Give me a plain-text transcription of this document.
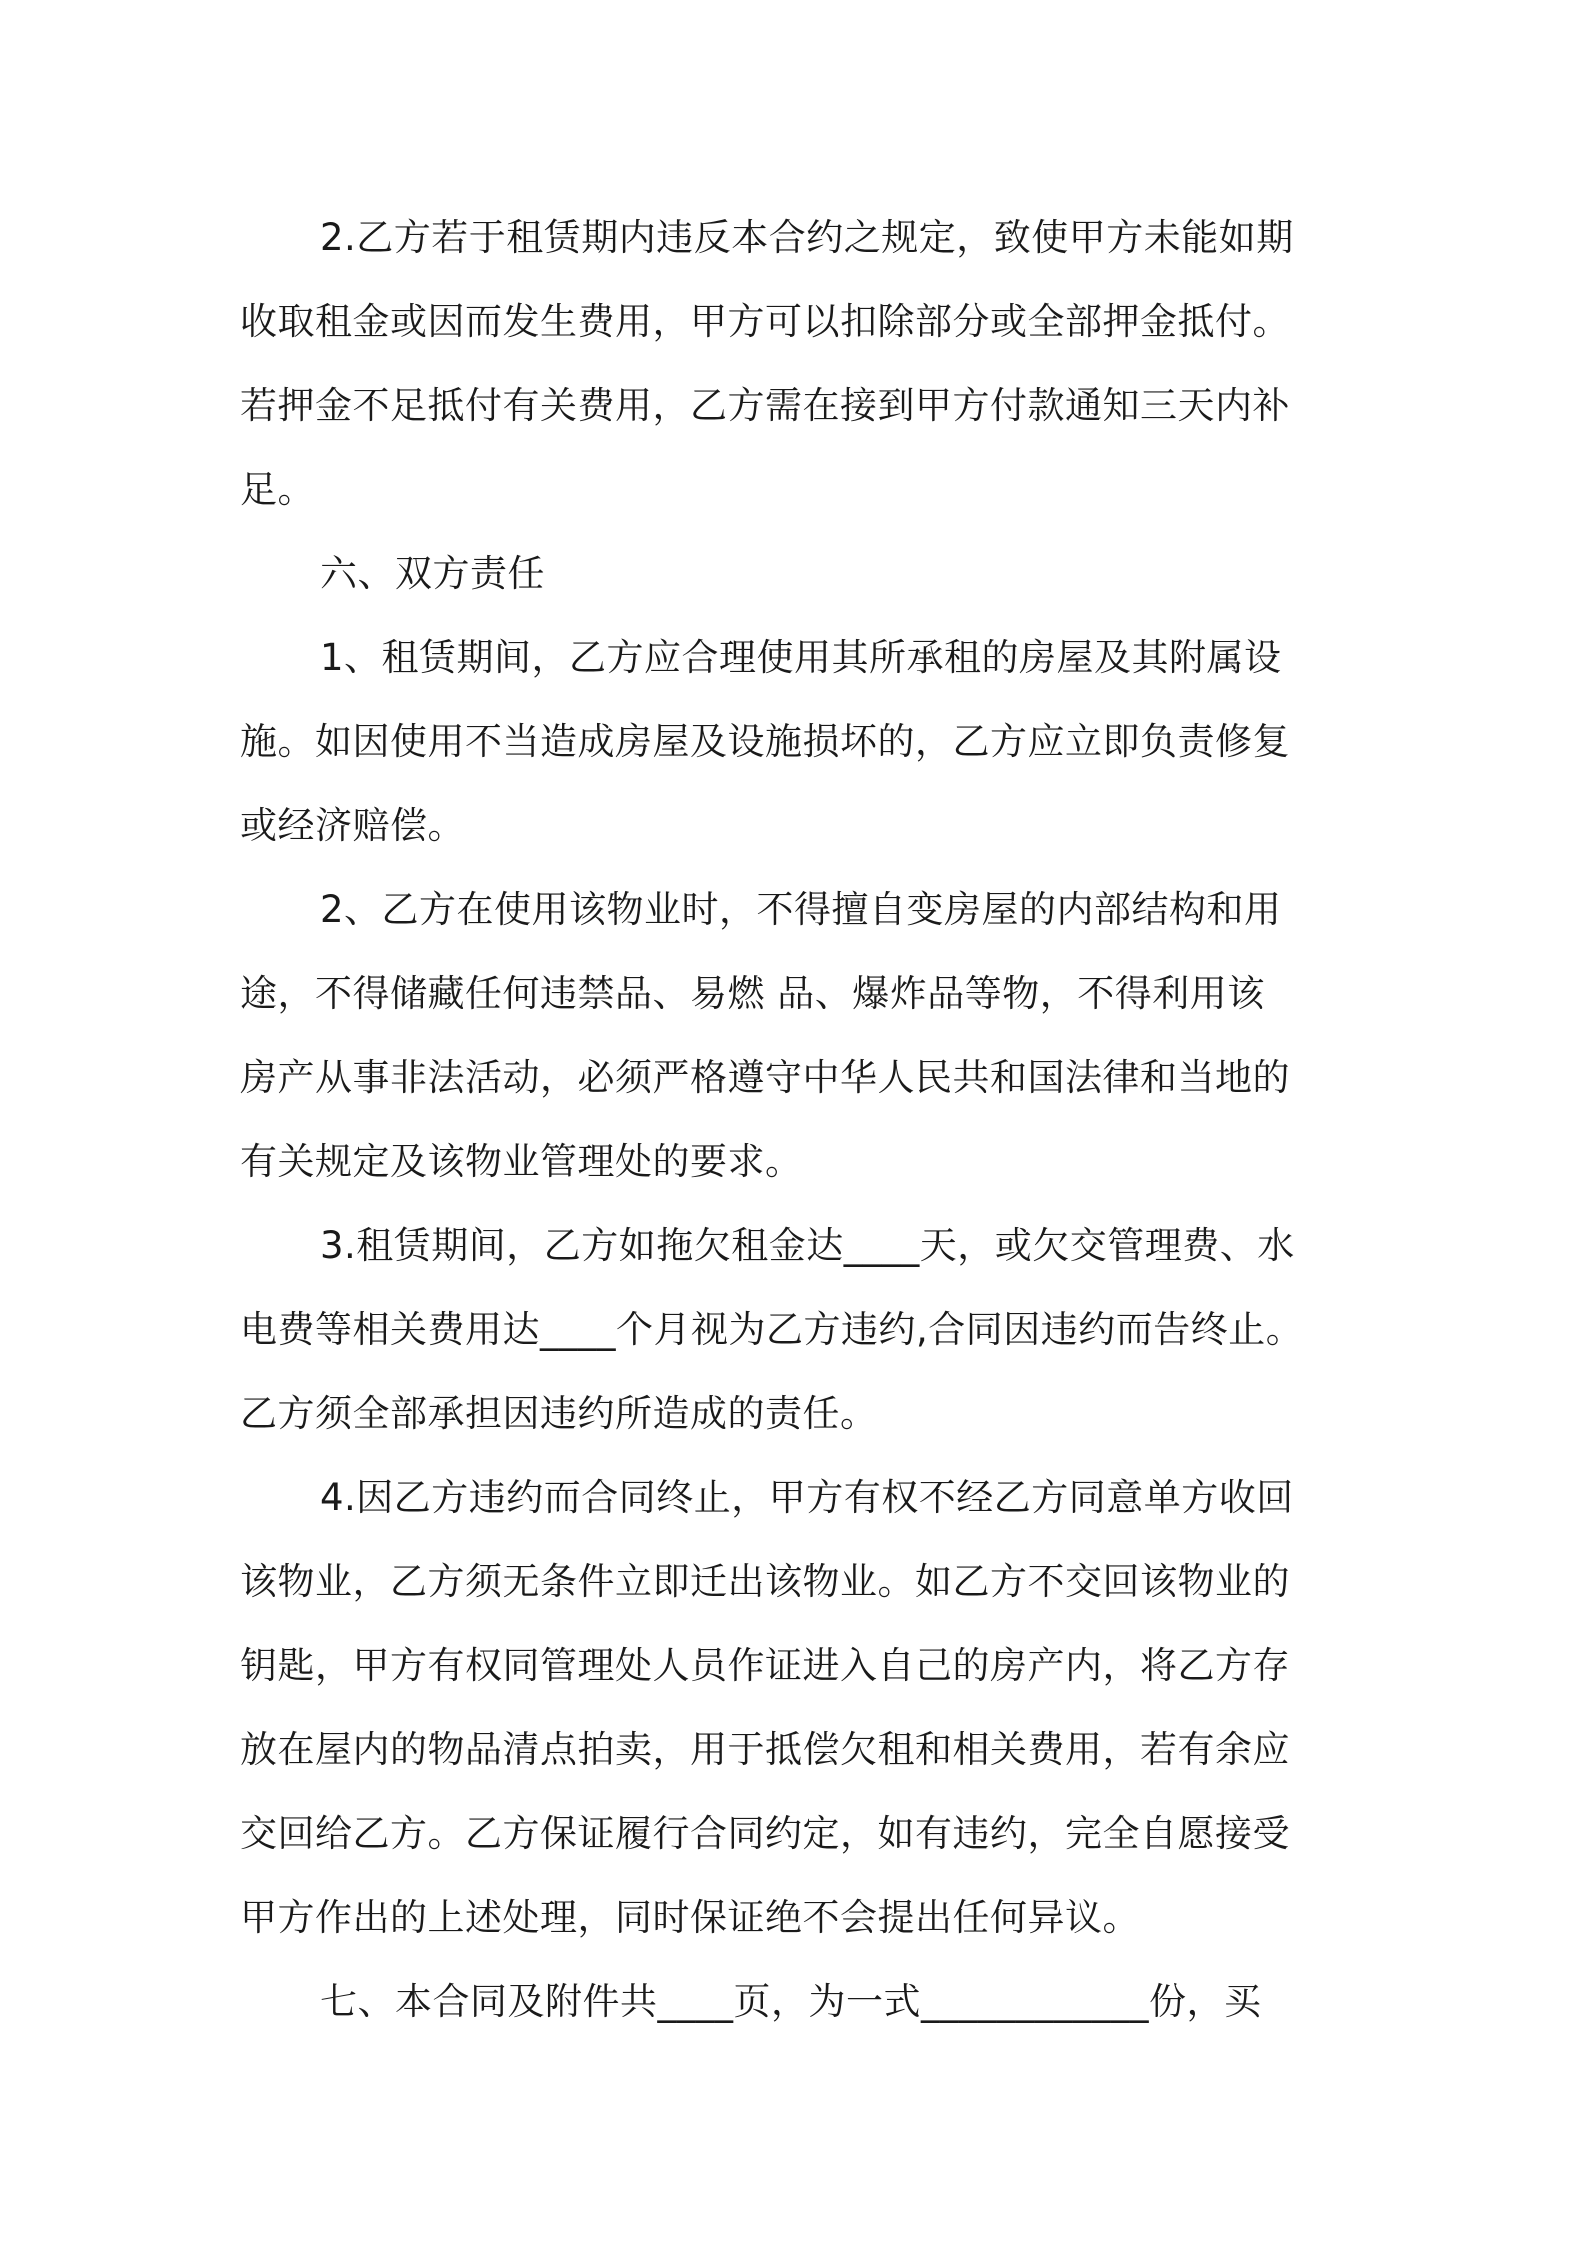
2.乙方若于租赁期内违反本合约之规定，致使甲方未能如期
收取租金或因而发生费用，甲方可以扣除部分或全部押金抵付。
若押金不足抵付有关费用，乙方需在接到甲方付款通知三天内补
足。
六、双方责任
1、租赁期间，乙方应合理使用其所承租的房屋及其附属设
施。如因使用不当造成房屋及设施损坏的，乙方应立即负责修复
或经济赔偿。
2、乙方在使用该物业时，不得擅自变房屋的内部结构和用
途，不得储藏任何违禁品、易燃 品、爆炸品等物，不得利用该
房产从事非法活动，必须严格遵守中华人民共和国法律和当地的
有关规定及该物业管理处的要求。
3.租赁期间，乙方如拖欠租金达____天，或欠交管理费、水
电费等相关费用达____个月视为乙方违约,合同因违约而告终止。
乙方须全部承担因违约所造成的责任。
4.因乙方违约而合同终止，甲方有权不经乙方同意单方收回
该物业，乙方须无条件立即迁出该物业。如乙方不交回该物业的
钥匙，甲方有权同管理处人员作证进入自己的房产内，将乙方存
放在屋内的物品清点拍卖，用于抵偿欠租和相关费用，若有余应
交回给乙方。乙方保证履行合同约定，如有违约，完全自愿接受
甲方作出的上述处理，同时保证绝不会提出任何异议。
七、本合同及附件共____页，为一式____________份，买
